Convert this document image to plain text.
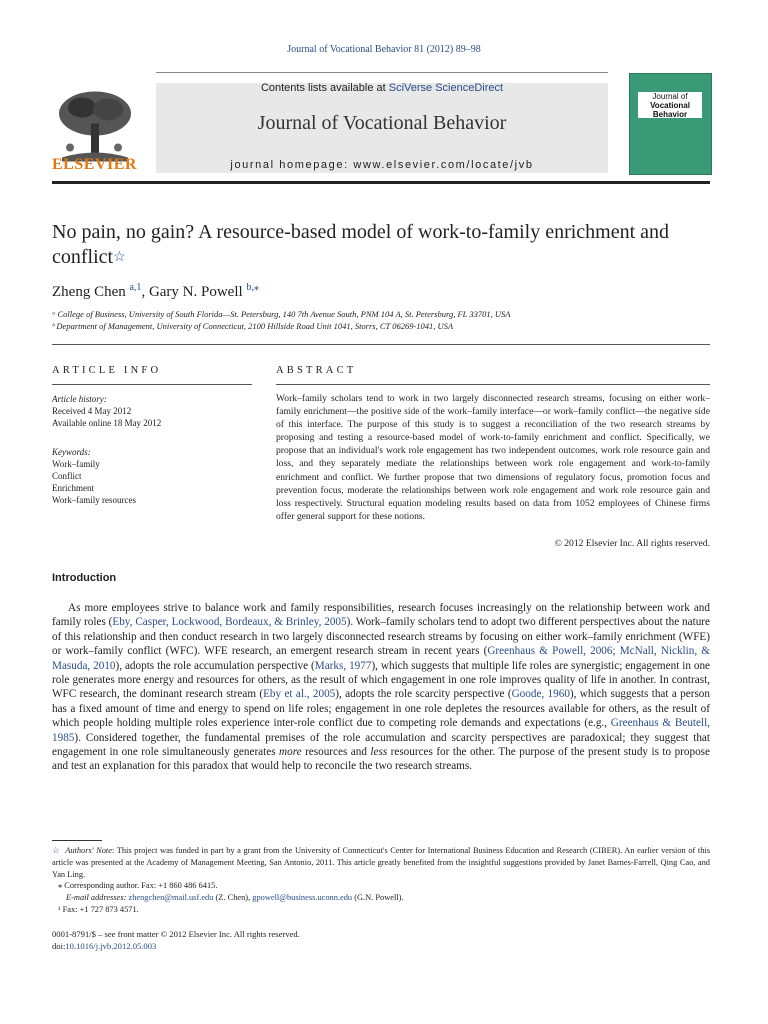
Journal of Vocational Behavior 81 (2012) 89–98
Contents lists available at SciVerse ScienceDirect
Journal of Vocational Behavior
journal homepage: www.elsevier.com/locate/jvb
ELSEVIER
Journal of
Vocational
Behavior
No pain, no gain? A resource-based model of work-to-family enrichment and conflict☆
Zheng Chen $^{a,1}$, Gary N. Powell $^{b,⁎}$
ᵃ College of Business, University of South Florida—St. Petersburg, 140 7th Avenue South, PNM 104 A, St. Petersburg, FL 33701, USA
ᵇ Department of Management, University of Connecticut, 2100 Hillside Road Unit 1041, Storrs, CT 06269-1041, USA
ARTICLE INFO
Article history:
Received 4 May 2012
Available online 18 May 2012
Keywords:
Work–family
Conflict
Enrichment
Work–family resources
ABSTRACT
Work–family scholars tend to work in two largely disconnected research streams, focusing on either work–family enrichment—the positive side of the work–family interface—or work–family conflict—the negative side of this interface. The purpose of this study is to suggest a reconciliation of the two research streams by proposing and testing a resource-based model of work-to-family enrichment and conflict. Specifically, we propose that an individual's work role engagement has two independent outcomes, work role resource gain and loss, and they separately mediate the relationships between work role engagement and work-to-family enrichment and conflict. We further propose that two dimensions of regulatory focus, promotion focus and prevention focus, moderate the relationships between work role engagement and work role resource gain and loss respectively. Structural equation modeling results based on data from 1052 employees of Chinese firms offer general support for these notions.
© 2012 Elsevier Inc. All rights reserved.
Introduction
As more employees strive to balance work and family responsibilities, research focuses increasingly on the relationship between work and family roles (Eby, Casper, Lockwood, Bordeaux, & Brinley, 2005). Work–family scholars tend to adopt two different perspectives about the nature of this relationship and then conduct research in two largely disconnected research streams by focusing on either work–family enrichment (WFE) or work–family conflict (WFC). WFE research, an emergent research stream in recent years (Greenhaus & Powell, 2006; McNall, Nicklin, & Masuda, 2010), adopts the role accumulation perspective (Marks, 1977), which suggests that multiple life roles are synergistic; engagement in one role generates more energy and resources for others, as the result of which engagement in one role improves quality of life in another. In contrast, WFC research, the dominant research stream (Eby et al., 2005), adopts the role scarcity perspective (Goode, 1960), which suggests that a person has a fixed amount of time and energy to spend on life roles; engagement in one role depletes the resources available for others, as the result of which people holding multiple roles experience inter-role conflict due to competing role demands and expectations (e.g., Greenhaus & Beutell, 1985). Considered together, the fundamental premises of the role accumulation and scarcity perspectives are paradoxical; they suggest that engagement in one role simultaneously generates more resources and less resources for the other. The purpose of the present study is to propose and test an explanation for this paradox that would help to reconcile the two research streams.

☆ Authors' Note: This project was funded in part by a grant from the University of Connecticut's Center for International Business Education and Research (CIBER). An earlier version of this article was presented at the Academy of Management Meeting, San Antonio, 2011. This article greatly benefited from the insightful suggestions provided by Janet Barnes-Farrell, Qing Cao, and Yan Ling.

⁎ Corresponding author. Fax: +1 860 486 6415.

E-mail addresses: zhengchen@mail.usf.edu (Z. Chen), gpowell@business.uconn.edu (G.N. Powell).

¹ Fax: +1 727 873 4571.

0001-8791/$ – see front matter © 2012 Elsevier Inc. All rights reserved.
doi:10.1016/j.jvb.2012.05.003
